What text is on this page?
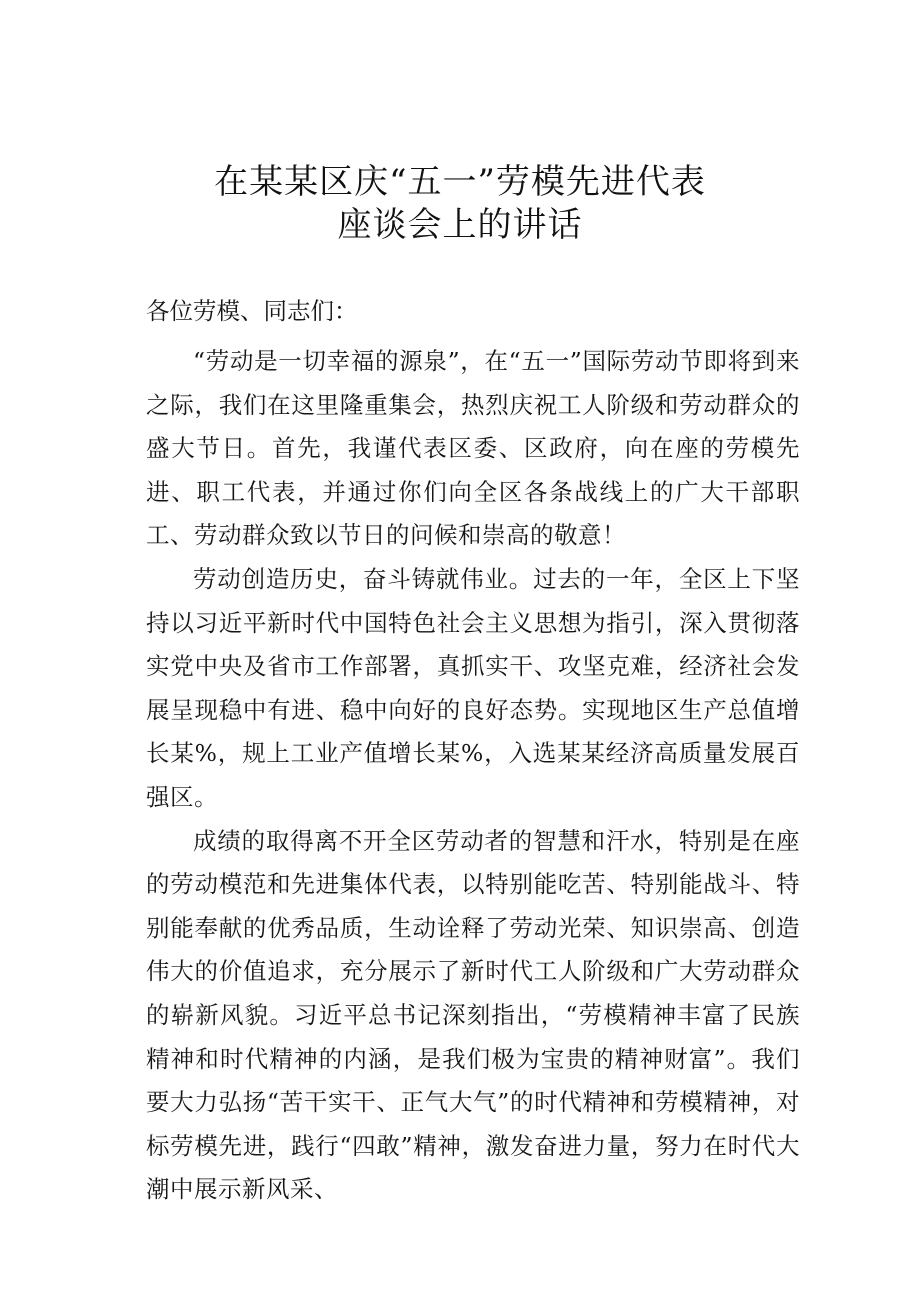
在某某区庆“五一”劳模先进代表
座谈会上的讲话
各位劳模、同志们：

“劳动是一切幸福的源泉”，在“五一”国际劳动节即将到来之际，我们在这里隆重集会，热烈庆祝工人阶级和劳动群众的盛大节日。首先，我谨代表区委、区政府，向在座的劳模先进、职工代表，并通过你们向全区各条战线上的广大干部职工、劳动群众致以节日的问候和崇高的敬意！

劳动创造历史，奋斗铸就伟业。过去的一年，全区上下坚持以习近平新时代中国特色社会主义思想为指引，深入贯彻落实党中央及省市工作部署，真抓实干、攻坚克难，经济社会发展呈现稳中有进、稳中向好的良好态势。实现地区生产总值增长某%，规上工业产值增长某%，入选某某经济高质量发展百强区。

成绩的取得离不开全区劳动者的智慧和汗水，特别是在座的劳动模范和先进集体代表，以特别能吃苦、特别能战斗、特别能奉献的优秀品质，生动诠释了劳动光荣、知识崇高、创造伟大的价值追求，充分展示了新时代工人阶级和广大劳动群众的崭新风貌。习近平总书记深刻指出，“劳模精神丰富了民族精神和时代精神的内涵，是我们极为宝贵的精神财富”。我们要大力弘扬“苦干实干、正气大气”的时代精神和劳模精神，对标劳模先进，践行“四敢”精神，激发奋进力量，努力在时代大潮中展示新风采、
